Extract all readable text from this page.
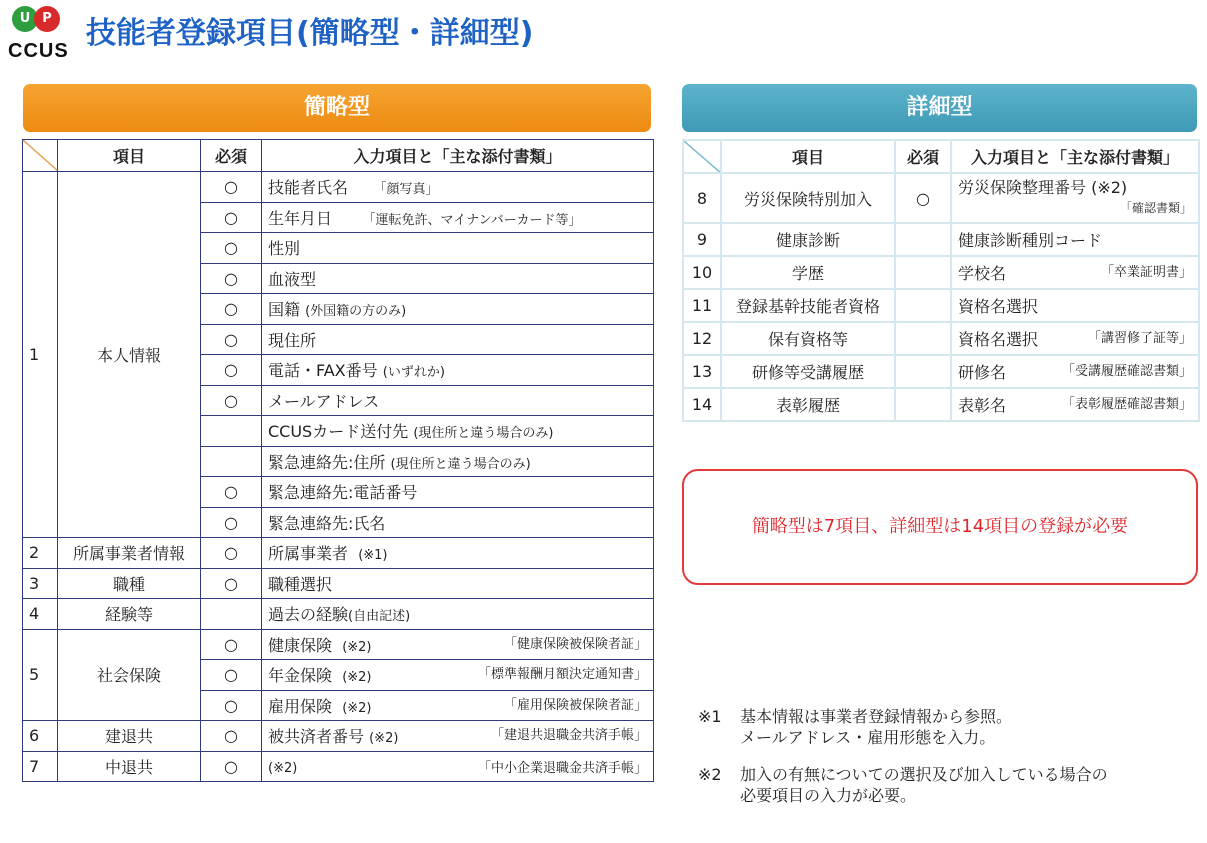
U P
CCUS 技能者登録項目(簡略型・詳細型)
簡略型	詳細型
	項目	必須	入力項目と「主な添付書類」
1	本人情報	○	技能者氏名 「顔写真」
		○	生年月日 「運転免許、マイナンバーカード等」
		○	性別
		○	血液型
		○	国籍 (外国籍の方のみ)
		○	現住所
		○	電話・FAX番号 (いずれか)
		○	メールアドレス
			CCUSカード送付先 (現住所と違う場合のみ)
			緊急連絡先:住所 (現住所と違う場合のみ)
		○	緊急連絡先:電話番号
		○	緊急連絡先:氏名
2	所属事業者情報	○	所属事業者 (※1)
3	職種	○	職種選択
4	経験等		過去の経験(自由記述)
5	社会保険	○	健康保険 (※2) 「健康保険被保険者証」

		○	年金保険 (※2) 「標準報酬月額決定通知書」

		○	雇用保険 (※2) 「雇用保険被保険者証」

6	建退共	○	被共済者番号 (※2) 「建退共退職金共済手帳」

7	中退共	○	(※2) 「中小企業退職金共済手帳」
	項目	必須	入力項目と「主な添付書類」
8	労災保険特別加入	○	労災保険整理番号 (※2)
「確認書類」

9	健康診断		健康診断種別コード
10	学歴		学校名 「卒業証明書」

11	登録基幹技能者資格		資格名選択
12	保有資格等		資格名選択 「講習修了証等」

13	研修等受講履歴		研修名 「受講履歴確認書類」

14	表彰履歴		表彰名 「表彰履歴確認書類」
簡略型は7項目、詳細型は14項目の登録が必要
※1	基本情報は事業者登録情報から参照。
メールアドレス・雇用形態を入力。
※2	加入の有無についての選択及び加入している場合の
必要項目の入力が必要。
